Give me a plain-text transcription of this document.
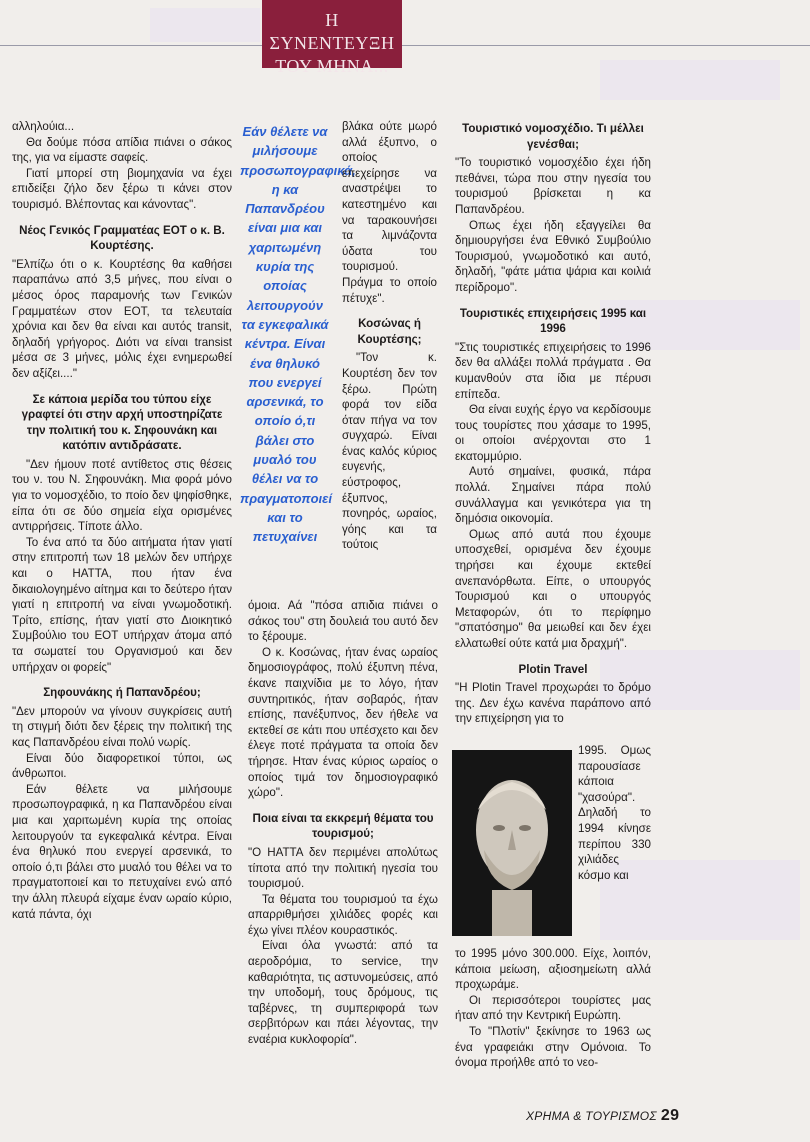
Η ΣΥΝΕΝΤΕΥΞΗ
ΤΟΥ ΜΗΝΑ...

αλληλούια...

Θα δούμε πόσα απίδια πιάνει ο σάκος της, για να είμαστε σαφείς.

Γιατί μπορεί στη βιομηχανία να έχει επιδείξει ζήλο δεν ξέρω τι κάνει στον τουρισμό. Βλέποντας και κάνοντας".

Νέος Γενικός Γραμματέας ΕΟΤ ο κ. Β. Κουρτέσης.

"Ελπίζω ότι ο κ. Κουρτέσης θα καθήσει παραπάνω από 3,5 μήνες, που είναι ο μέσος όρος παραμονής των Γενικών Γραμματέων στον ΕΟΤ, τα τελευταία χρόνια και δεν θα είναι και αυτός transit, δηλαδή γρήγορος. Διότι να είναι transist μέσα σε 3 μήνες, μόλις έχει ενημερωθεί δεν αξίζει...."

Σε κάποια μερίδα του τύπου είχε γραφτεί ότι στην αρχή υποστηρίζατε την πολιτική του κ. Σηφουνάκη και κατόπιν αντιδράσατε.

"Δεν ήμουν ποτέ αντίθετος στις θέσεις του ν. του Ν. Σηφουνάκη. Μια φορά μόνο για το νομοσχέδιο, το ποίο δεν ψηφίσθηκε, είπα ότι σε δύο σημεία είχα ορισμένες αντιρρήσεις. Τίποτε άλλο.

Το ένα από τα δύο αιτήματα ήταν γιατί στην επιτροπή των 18 μελών δεν υπήρχε και ο ΗΑΤΤΑ, που ήταν ένα δικαιολογημένο αίτημα και το δεύτερο ήταν γιατί η επιτροπή να είναι γνωμοδοτική. Τρίτο, επίσης, ήταν γιατί στο Διοικητικό Συμβούλιο του ΕΟΤ υπήρχαν άτομα από τα σωματεί του Οργανισμού και δεν υπήρχαν οι φορείς"

Σηφουνάκης ή Παπανδρέου;

"Δεν μπορούν να γίνουν συγκρίσεις αυτή τη στιγμή διότι δεν ξέρεις την πολιτική της κας Παπανδρέου είναι πολύ νωρίς.

Είναι δύο διαφορετικοί τύποι, ως άνθρωποι.

Εάν θέλετε να μιλήσουμε προσωπογραφικά, η κα Παπανδρέου είναι μια και χαριτωμένη κυρία της οποίας λειτουργούν τα εγκεφαλικά κέντρα. Είναι ένα θηλυκό που ενεργεί αρσενικά, το οποίο ό,τι βάλει στο μυαλό του θέλει να το πραγματοποιεί και το πετυχαίνει ενώ από την άλλη πλευρά είχαμε έναν ωραίο κύριο, κατά πάντα, όχι

Εάν θέλετε να μιλήσουμε προσωπογραφικά, η κα Παπανδρέου είναι μια και χαριτωμένη κυρία της οποίας λειτουργούν τα εγκεφαλικά κέντρα. Είναι ένα θηλυκό που ενεργεί αρσενικά, το οποίο ό,τι βάλει στο μυαλό του θέλει να το πραγματοποιεί και το πετυχαίνει

βλάκα ούτε μωρό αλλά έξυπνο, ο οποίος επεχείρησε να αναστρέψει το κατεστημένο και να ταρακουνήσει τα λιμνάζοντα ύδατα του τουρισμού. Πράγμα το οποίο πέτυχε".

Κοσώνας ή Κουρτέσης;

"Τον κ. Κουρτέση δεν τον ξέρω. Πρώτη φορά τον είδα όταν πήγα να τον συγχαρώ. Είναι ένας καλός κύριος ευγενής, εύστροφος, έξυπνος, πονηρός, ωραίος, γόης και τα τούτοις

όμοια. Αά "πόσα απιδια πιάνει ο σάκος του" στη δουλειά του αυτό δεν το ξέρουμε.

Ο κ. Κοσώνας, ήταν ένας ωραίος δημοσιογράφος, πολύ έξυπνη πένα, έκανε παιχνίδια με το λόγο, ήταν συντηριτικός, ήταν σοβαρός, ήταν επίσης, πανέξυπνος, δεν ήθελε να εκτεθεί σε κάτι που υπέσχετο και δεν έλεγε ποτέ πράγματα τα οποία δεν τήρησε. Ηταν ένας κύριος ωραίος ο οποίος τιμά τον δημοσιογραφικό χώρο".

Ποια είναι τα εκκρεμή θέματα του τουρισμού;

"Ο ΗΑΤΤΑ δεν περιμένει απολύτως τίποτα από την πολιτική ηγεσία του τουρισμού.

Τα θέματα του τουρισμού τα έχω απαρριθμήσει χιλιάδες φορές και έχω γίνει πλέον κουραστικός.

Είναι όλα γνωστά: από τα αεροδρόμια, το service, την καθαριότητα, τις αστυνομεύσεις, από την υποδομή, τους δρόμους, τις ταβέρνες, τη συμπεριφορά των σερβιτόρων και πάει λέγοντας, την εναέρια κυκλοφορία".

Τουριστικό νομοσχέδιο. Τι μέλλει γενέσθαι;

"Το τουριστικό νομοσχέδιο έχει ήδη πεθάνει, τώρα που στην ηγεσία του τουρισμού βρίσκεται η κα Παπανδρέου.

Οπως έχει ήδη εξαγγείλει θα δημιουργήσει ένα Εθνικό Συμβούλιο Τουρισμού, γνωμοδοτικό και αυτό, δηλαδή, "φάτε μάτια ψάρια και κοιλιά περίδρομο".

Τουριστικές επιχειρήσεις 1995 και 1996

"Στις τουριστικές επιχειρήσεις το 1996 δεν θα αλλάξει πολλά πράγματα . Θα κυμανθούν στα ίδια με πέρυσι επίπεδα.

Θα είναι ευχής έργο να κερδίσουμε τους τουρίστες που χάσαμε το 1995, οι οποίοι ανέρχονται στο 1 εκατομμύριο.

Αυτό σημαίνει, φυσικά, πάρα πολλά. Σημαίνει πάρα πολύ συνάλλαγμα και γενικότερα για τη δημόσια οικονομία.

Ομως από αυτά που έχουμε υποσχεθεί, ορισμένα δεν έχουμε τηρήσει και έχουμε εκτεθεί ανεπανόρθωτα. Είπε, ο υπουργός Τουρισμού και ο υπουργός Μεταφορών, ότι το περίφημο "σπατόσημο" θα μειωθεί και δεν έχει ελλατωθεί ούτε κατά μια δραχμή".

Plotin Travel

"Η Plotin Travel προχωράει το δρόμο της. Δεν έχω κανένα παράπονο από την επιχείρηση για το

1995. Ομως παρουσίασε κάποια "χασούρα". Δηλαδή το 1994 κίνησε περίπου 330 χιλιάδες κόσμο και

το 1995 μόνο 300.000. Είχε, λοιπόν, κάποια μείωση, αξιοσημείωτη αλλά προχωράμε.

Οι περισσότεροι τουρίστες μας ήταν από την Κεντρική Ευρώπη.

Το "Πλοτίν" ξεκίνησε το 1963 ως ένα γραφειάκι στην Ομόνοια. Το όνομα προήλθε από το νεο-

ΧΡΗΜΑ & ΤΟΥΡΙΣΜΟΣ 29
